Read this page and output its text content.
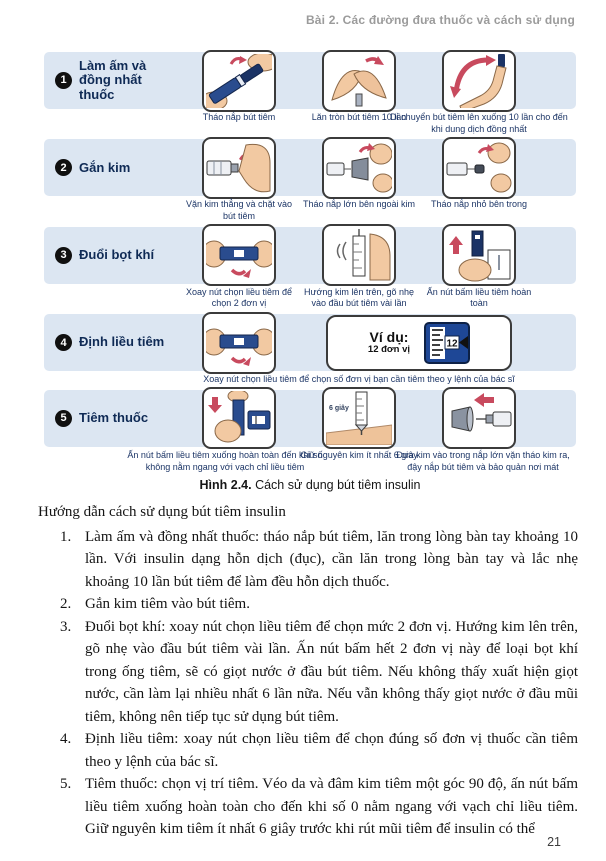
Bài 2. Các đường đưa thuốc và cách sử dụng
1
Làm ấm và đồng nhất thuốc
Tháo nắp bút tiêm	Lăn tròn bút tiêm 10 lần
Di chuyển bút tiêm lên xuống 10 lần cho đến khi dung dịch đồng nhất
2 Gắn kim
Vặn kim thẳng và chặt vào bút tiêm
Tháo nắp lớn bên ngoài kim	Tháo nắp nhỏ bên trong
3 Đuổi bọt khí
Xoay nút chọn liều tiêm để chọn 2 đơn vị
Hướng kim lên trên, gõ nhẹ vào đầu bút tiêm vài lần
Ấn nút bấm liều tiêm hoàn toàn
4 Định liều tiêm	Ví dụ:
12 đơn vị
12
Xoay nút chọn liều tiêm để chọn số đơn vị bạn cần tiêm theo y lệnh của bác sĩ
5 Tiêm thuốc
6 giây
Ấn nút bấm liều tiêm xuống hoàn toàn đến khi số không nằm ngang với vạch chỉ liều tiêm
Giữ nguyên kim ít nhất 6 giây
Đưa kim vào trong nắp lớn vặn tháo kim ra, đậy nắp bút tiêm và bảo quản nơi mát
Hình 2.4. Cách sử dụng bút tiêm insulin
Hướng dẫn cách sử dụng bút tiêm insulin
1. Làm ấm và đồng nhất thuốc: tháo nắp bút tiêm, lăn trong lòng bàn tay khoảng 10 lần. Với insulin dạng hỗn dịch (đục), cần lăn trong lòng bàn tay và lắc nhẹ khoảng 10 lần bút tiêm để làm đều hỗn dịch thuốc.
2. Gắn kim tiêm vào bút tiêm.
3. Đuổi bọt khí: xoay nút chọn liều tiêm để chọn mức 2 đơn vị. Hướng kim lên trên, gõ nhẹ vào đầu bút tiêm vài lần. Ấn nút bấm hết 2 đơn vị này để loại bọt khí trong ống tiêm, sẽ có giọt nước ở đầu bút tiêm. Nếu không thấy xuất hiện giọt nước, cần làm lại nhiều nhất 6 lần nữa. Nếu vẫn không thấy giọt nước ở đầu mũi tiêm, không nên tiếp tục sử dụng bút tiêm.
4. Định liều tiêm: xoay nút chọn liều tiêm để chọn đúng số đơn vị thuốc cần tiêm theo y lệnh của bác sĩ.
5. Tiêm thuốc: chọn vị trí tiêm. Véo da và đâm kim tiêm một góc 90 độ, ấn nút bấm liều tiêm xuống hoàn toàn cho đến khi số 0 nằm ngang với vạch chỉ liều tiêm. Giữ nguyên kim tiêm ít nhất 6 giây trước khi rút mũi tiêm để insulin có thể
21
